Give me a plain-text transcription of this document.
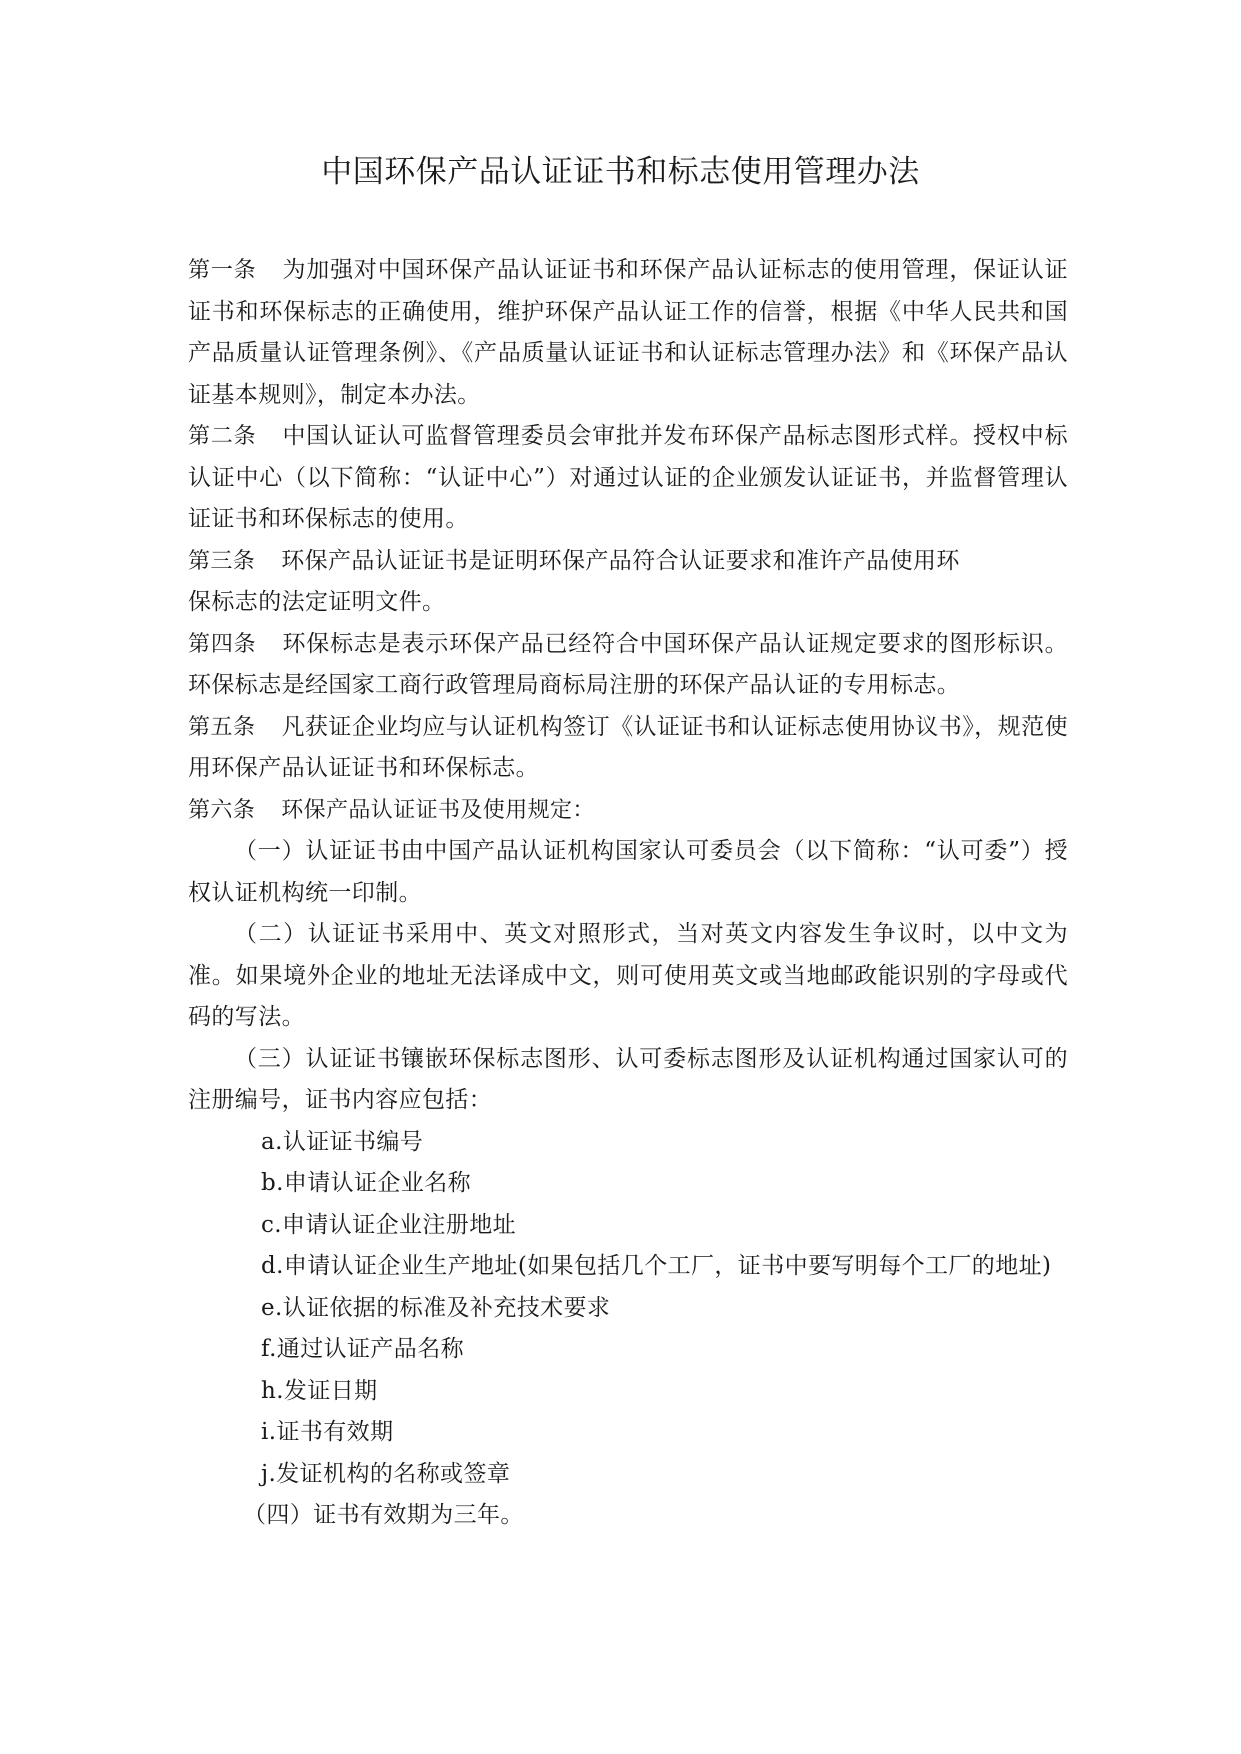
中国环保产品认证证书和标志使用管理办法

第一条 为加强对中国环保产品认证证书和环保产品认证标志的使用管理，保证认证证书和环保标志的正确使用，维护环保产品认证工作的信誉，根据《中华人民共和国产品质量认证管理条例》、《产品质量认证证书和认证标志管理办法》和《环保产品认证基本规则》，制定本办法。

第二条 中国认证认可监督管理委员会审批并发布环保产品标志图形式样。授权中标认证中心（以下简称：“认证中心”）对通过认证的企业颁发认证证书，并监督管理认证证书和环保标志的使用。

第三条 环保产品认证证书是证明环保产品符合认证要求和准许产品使用环
保标志的法定证明文件。

第四条 环保标志是表示环保产品已经符合中国环保产品认证规定要求的图形标识。环保标志是经国家工商行政管理局商标局注册的环保产品认证的专用标志。

第五条 凡获证企业均应与认证机构签订《认证证书和认证标志使用协议书》，规范使用环保产品认证证书和环保标志。

第六条 环保产品认证证书及使用规定：

（一）认证证书由中国产品认证机构国家认可委员会（以下简称：“认可委”）授权认证机构统一印制。

（二）认证证书采用中、英文对照形式，当对英文内容发生争议时，以中文为准。如果境外企业的地址无法译成中文，则可使用英文或当地邮政能识别的字母或代码的写法。

（三）认证证书镶嵌环保标志图形、认可委标志图形及认证机构通过国家认可的注册编号，证书内容应包括：

a.认证证书编号
b.申请认证企业名称
c.申请认证企业注册地址
d.申请认证企业生产地址(如果包括几个工厂，证书中要写明每个工厂的地址)
e.认证依据的标准及补充技术要求
f.通过认证产品名称
h.发证日期
i.证书有效期
j.发证机构的名称或签章

（四）证书有效期为三年。
